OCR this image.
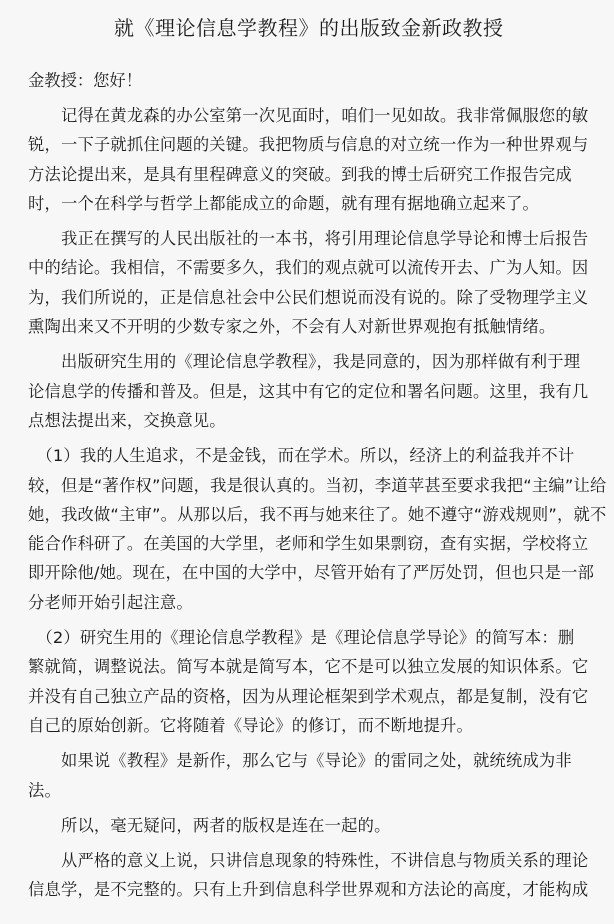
就《理论信息学教程》的出版致金新政教授
金教授：您好！
　　记得在黄龙森的办公室第一次见面时，咱们一见如故。我非常佩服您的敏
锐，一下子就抓住问题的关键。我把物质与信息的对立统一作为一种世界观与
方法论提出来，是具有里程碑意义的突破。到我的博士后研究工作报告完成
时，一个在科学与哲学上都能成立的命题，就有理有据地确立起来了。
　　我正在撰写的人民出版社的一本书，将引用理论信息学导论和博士后报告
中的结论。我相信，不需要多久，我们的观点就可以流传开去、广为人知。因
为，我们所说的，正是信息社会中公民们想说而没有说的。除了受物理学主义
熏陶出来又不开明的少数专家之外，不会有人对新世界观抱有抵触情绪。
　　出版研究生用的《理论信息学教程》，我是同意的，因为那样做有利于理
论信息学的传播和普及。但是，这其中有它的定位和署名问题。这里，我有几
点想法提出来，交换意见。
　（1）我的人生追求，不是金钱，而在学术。所以，经济上的利益我并不计
较，但是“著作权”问题，我是很认真的。当初，李道苹甚至要求我把“主编”让给
她，我改做“主审”。从那以后，我不再与她来往了。她不遵守“游戏规则”，就不
能合作科研了。在美国的大学里，老师和学生如果剽窃，查有实据，学校将立
即开除他/她。现在，在中国的大学中，尽管开始有了严厉处罚，但也只是一部
分老师开始引起注意。
　（2）研究生用的《理论信息学教程》是《理论信息学导论》的简写本：删
繁就简，调整说法。简写本就是简写本，它不是可以独立发展的知识体系。它
并没有自己独立产品的资格，因为从理论框架到学术观点，都是复制，没有它
自己的原始创新。它将随着《导论》的修订，而不断地提升。
　　如果说《教程》是新作，那么它与《导论》的雷同之处，就统统成为非
法。
　　所以，毫无疑问，两者的版权是连在一起的。
　　从严格的意义上说，只讲信息现象的特殊性，不讲信息与物质关系的理论
信息学，是不完整的。只有上升到信息科学世界观和方法论的高度，才能构成
